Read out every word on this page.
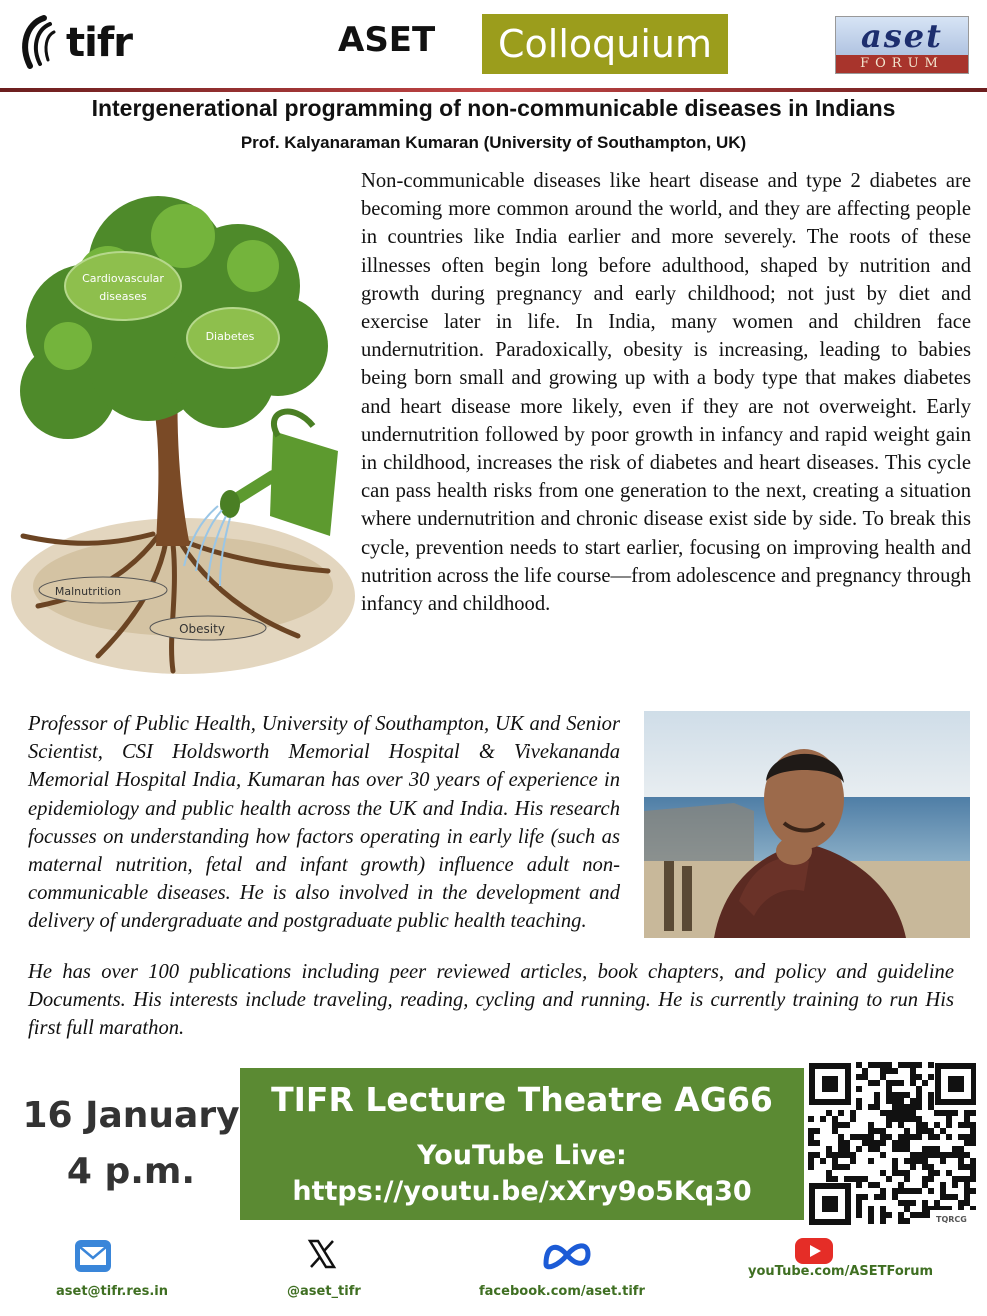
tifr	ASET	Colloquium	aset
FORUM
Intergenerational programming of non-communicable diseases in Indians
Prof. Kalyanaraman Kumaran (University of Southampton, UK)
Cardiovascular
diseases
Diabetes
Malnutrition
Obesity
Non-communicable diseases like heart disease and type 2 diabetes are becoming more common around the world, and they are affecting people in countries like India earlier and more severely. The roots of these illnesses often begin long before adulthood, shaped by nutrition and growth during pregnancy and early childhood; not just by diet and exercise later in life. In India, many women and children face undernutrition. Paradoxically, obesity is increasing, leading to babies being born small and growing up with a body type that makes diabetes and heart disease more likely, even if they are not overweight. Early undernutrition followed by poor growth in infancy and rapid weight gain in childhood, increases the risk of diabetes and heart diseases. This cycle can pass health risks from one generation to the next, creating a situation where undernutrition and chronic disease exist side by side. To break this cycle, prevention needs to start earlier, focusing on improving health and nutrition across the life course—from adolescence and pregnancy through infancy and childhood.
Professor of Public Health, University of Southampton, UK and Senior Scientist, CSI Holdsworth Memorial Hospital & Vivekananda Memorial Hospital India, Kumaran has over 30 years of experience in epidemiology and public health across the UK and India. His research focusses on understanding how factors operating in early life (such as maternal nutrition, fetal and infant growth) influence adult non-communicable diseases. He is also involved in the development and delivery of undergraduate and postgraduate public health teaching.
He has over 100 publications including peer reviewed articles, book chapters, and policy and guideline Documents. His interests include traveling, reading, cycling and running. He is currently training to run His first full marathon.
16 January
4 p.m.
TIFR Lecture Theatre AG66
YouTube Live:
https://youtu.be/xXry9o5Kq30
TQRCG
aset@tifr.res.in	@aset_tifr	facebook.com/aset.tifr
youTube.com/ASETForum
